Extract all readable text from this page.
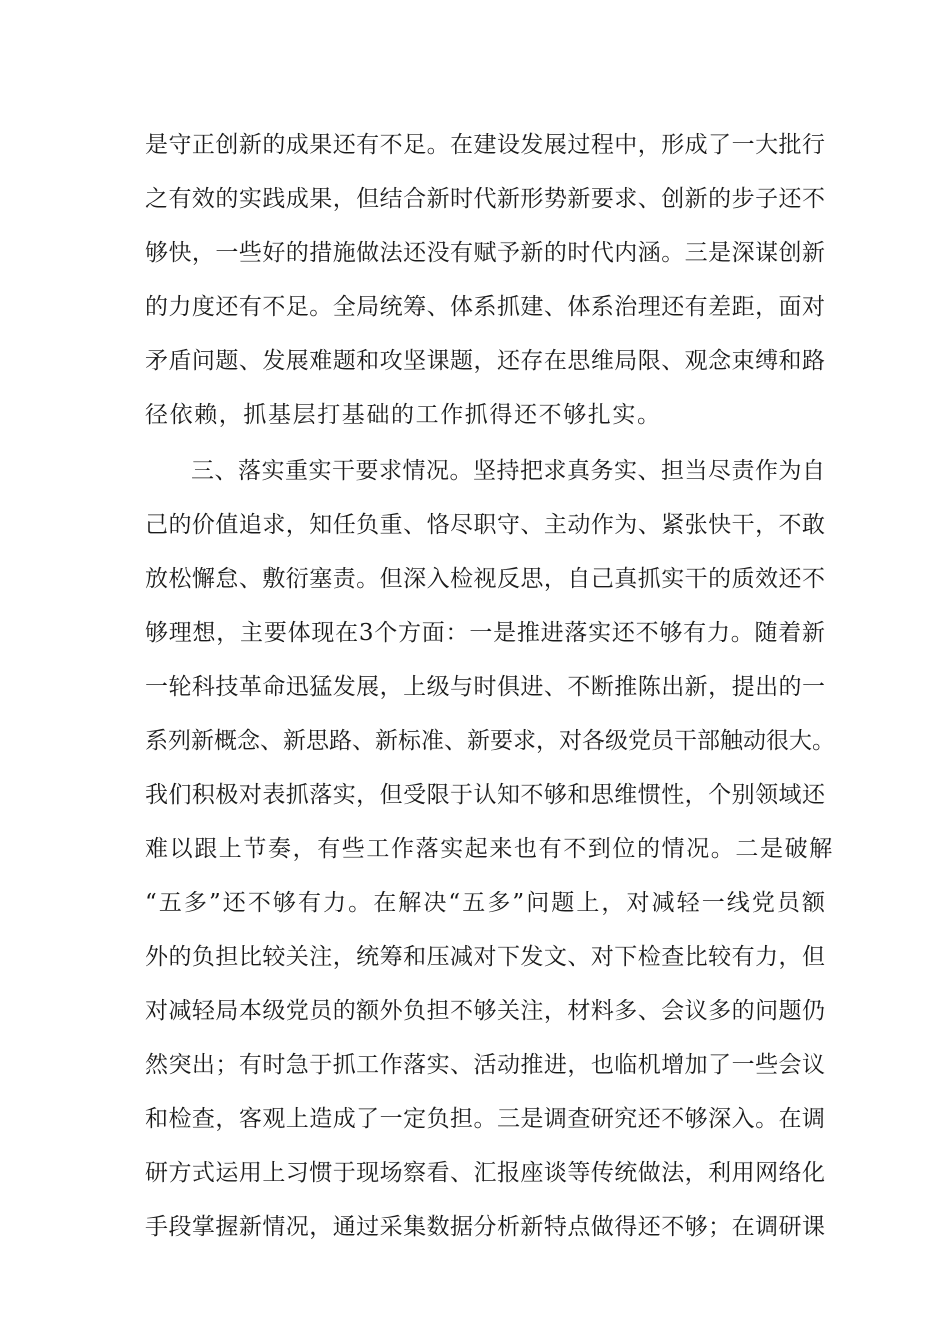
是守正创新的成果还有不足。在建设发展过程中，形成了一大批行
之有效的实践成果，但结合新时代新形势新要求、创新的步子还不
够快，一些好的措施做法还没有赋予新的时代内涵。三是深谋创新
的力度还有不足。全局统筹、体系抓建、体系治理还有差距，面对
矛盾问题、发展难题和攻坚课题，还存在思维局限、观念束缚和路
径依赖，抓基层打基础的工作抓得还不够扎实。
三、落实重实干要求情况。坚持把求真务实、担当尽责作为自
己的价值追求，知任负重、恪尽职守、主动作为、紧张快干，不敢
放松懈怠、敷衍塞责。但深入检视反思，自己真抓实干的质效还不
够理想，主要体现在3个方面：一是推进落实还不够有力。随着新
一轮科技革命迅猛发展，上级与时俱进、不断推陈出新，提出的一
系列新概念、新思路、新标准、新要求，对各级党员干部触动很大。
我们积极对表抓落实，但受限于认知不够和思维惯性，个别领域还
难以跟上节奏，有些工作落实起来也有不到位的情况。二是破解
“五多”还不够有力。在解决“五多”问题上，对减轻一线党员额
外的负担比较关注，统筹和压减对下发文、对下检查比较有力，但
对减轻局本级党员的额外负担不够关注，材料多、会议多的问题仍
然突出；有时急于抓工作落实、活动推进，也临机增加了一些会议
和检查，客观上造成了一定负担。三是调查研究还不够深入。在调
研方式运用上习惯于现场察看、汇报座谈等传统做法，利用网络化
手段掌握新情况，通过采集数据分析新特点做得还不够；在调研课
